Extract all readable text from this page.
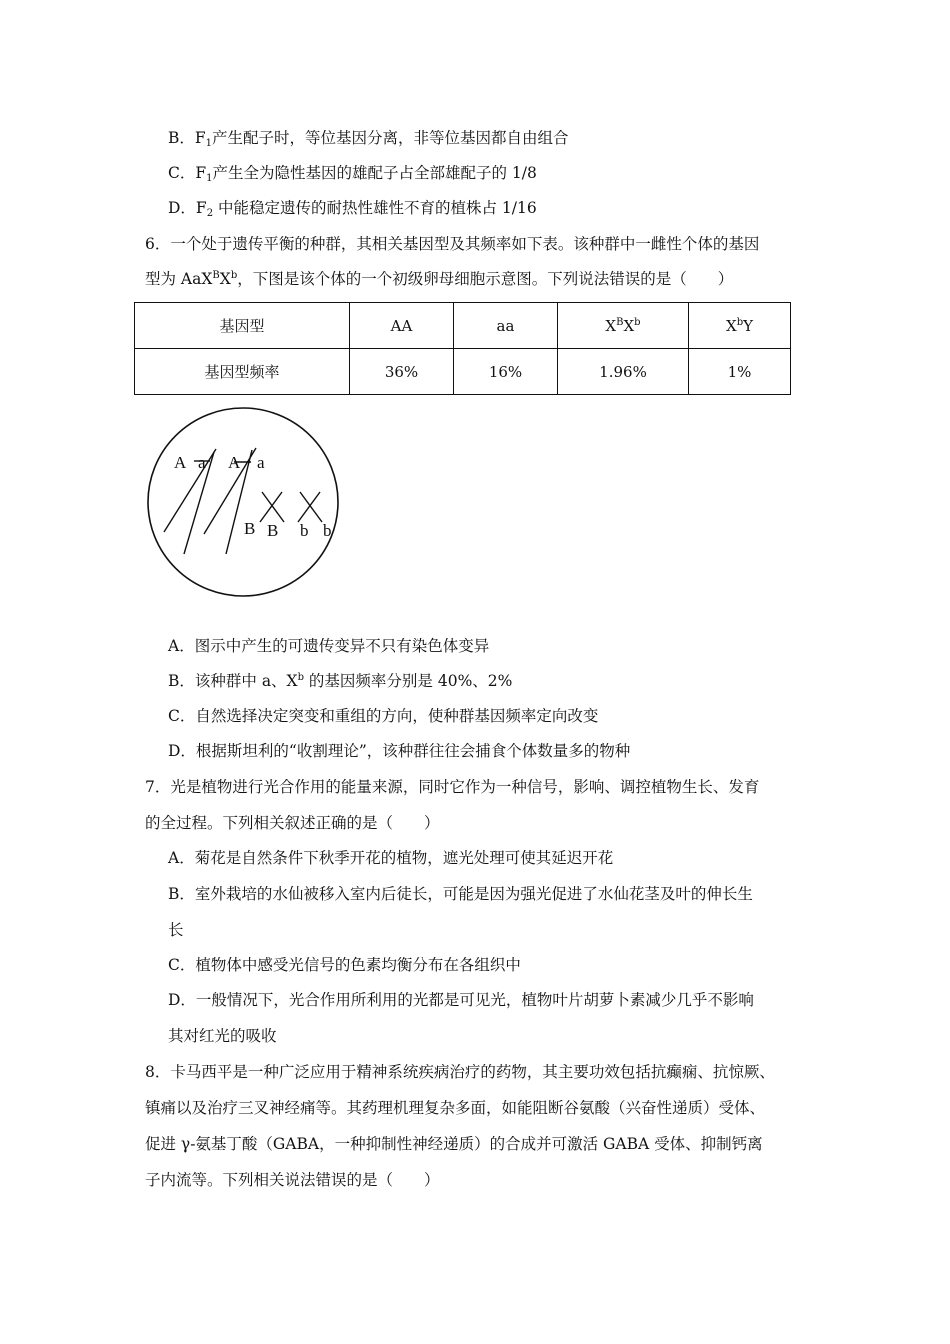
B．$F_1$产生配子时，等位基因分离，非等位基因都自由组合
C．$F_1$产生全为隐性基因的雄配子占全部雄配子的 1/8
D．$F_2$ 中能稳定遗传的耐热性雄性不育的植株占 1/16
6．一个处于遗传平衡的种群，其相关基因型及其频率如下表。该种群中一雌性个体的基因
型为 $AaX^BX^b$，下图是该个体的一个初级卵母细胞示意图。下列说法错误的是（　　）
基因型	AA	aa	$X^BX^b$	$X^bY$
基因型频率	36%	16%	1.96%	1%
A a A a
B B b b
A．图示中产生的可遗传变异不只有染色体变异
B．该种群中 a、$X^b$ 的基因频率分别是 40%、2%
C．自然选择决定突变和重组的方向，使种群基因频率定向改变
D．根据斯坦利的“收割理论”，该种群往往会捕食个体数量多的物种
7．光是植物进行光合作用的能量来源，同时它作为一种信号，影响、调控植物生长、发育
的全过程。下列相关叙述正确的是（　　）
A．菊花是自然条件下秋季开花的植物，遮光处理可使其延迟开花
B．室外栽培的水仙被移入室内后徒长，可能是因为强光促进了水仙花茎及叶的伸长生
长
C．植物体中感受光信号的色素均衡分布在各组织中
D．一般情况下，光合作用所利用的光都是可见光，植物叶片胡萝卜素减少几乎不影响
其对红光的吸收
8．卡马西平是一种广泛应用于精神系统疾病治疗的药物，其主要功效包括抗癫痫、抗惊厥、
镇痛以及治疗三叉神经痛等。其药理机理复杂多面，如能阻断谷氨酸（兴奋性递质）受体、
促进 γ-氨基丁酸（GABA，一种抑制性神经递质）的合成并可激活 GABA 受体、抑制钙离
子内流等。下列相关说法错误的是（　　）
